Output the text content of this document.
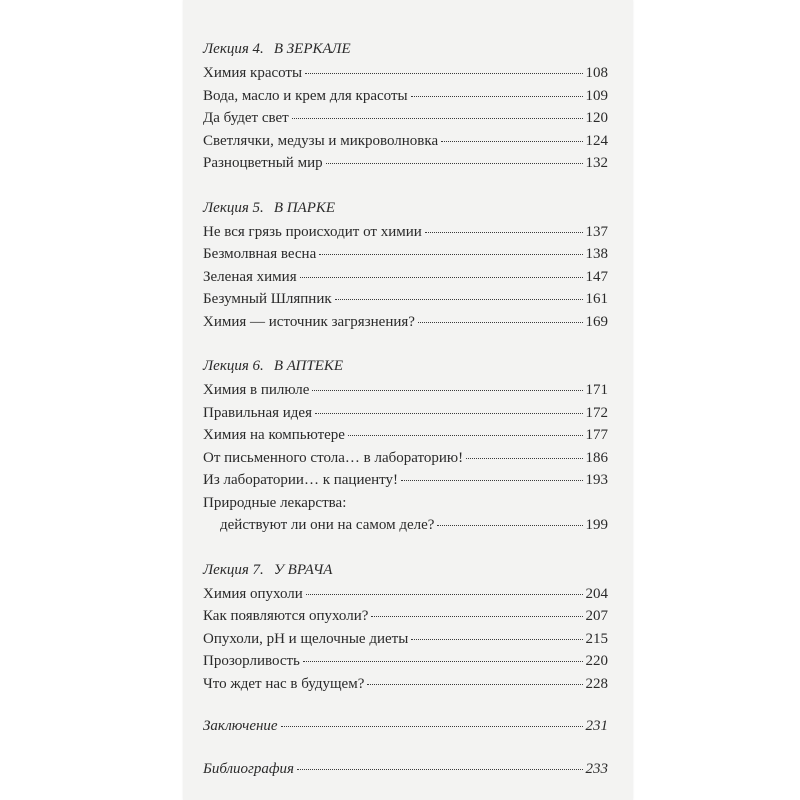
Лекция 4. В ЗЕРКАЛЕ
Химия красоты	108
Вода, масло и крем для красоты	109
Да будет свет	120
Светлячки, медузы и микроволновка	124
Разноцветный мир	132
Лекция 5. В ПАРКЕ
Не вся грязь происходит от химии	137
Безмолвная весна	138
Зеленая химия	147
Безумный Шляпник	161
Химия — источник загрязнения?	169
Лекция 6. В АПТЕКЕ
Химия в пилюле	171
Правильная идея	172
Химия на компьютере	177
От письменного стола… в лабораторию!	186
Из лаборатории… к пациенту!	193
Природные лекарства:
действуют ли они на самом деле?	199
Лекция 7. У ВРАЧА
Химия опухоли	204
Как появляются опухоли?	207
Опухоли, pH и щелочные диеты	215
Прозорливость	220
Что ждет нас в будущем?	228
Заключение	231
Библиография	233
